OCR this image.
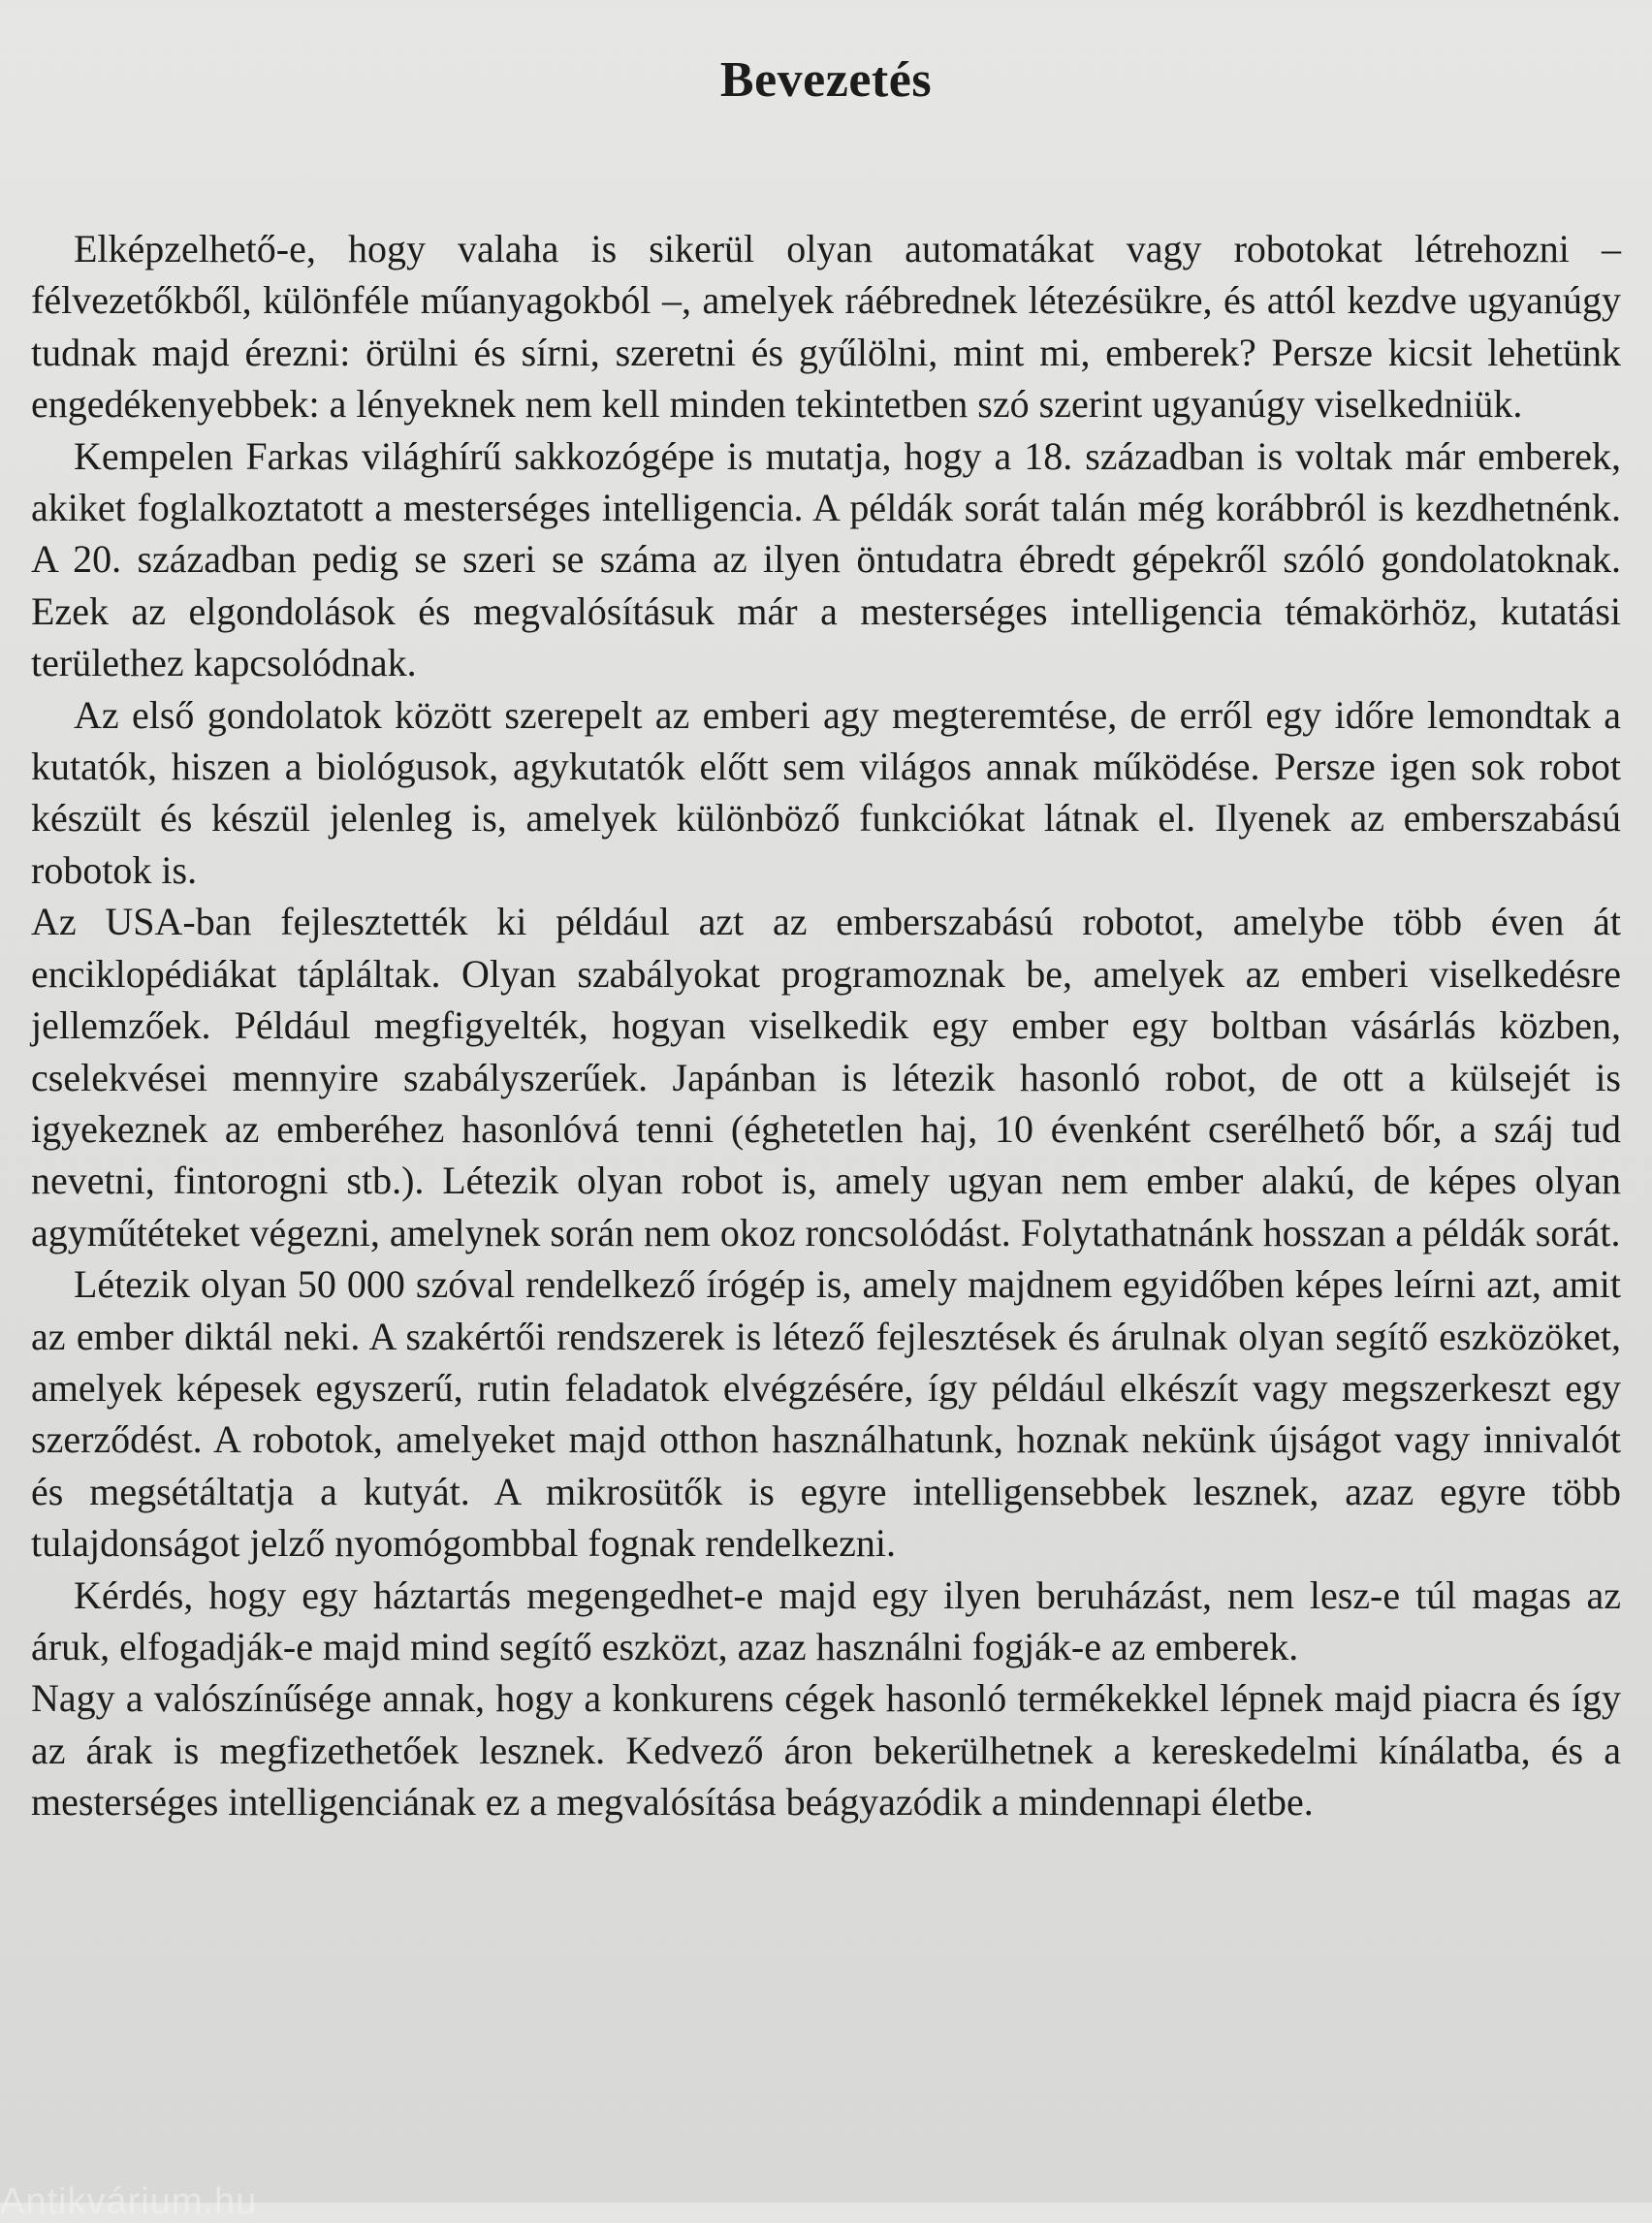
Bevezetés

Elképzelhető-e, hogy valaha is sikerül olyan automatákat vagy robotokat létrehozni – félvezetőkből, különféle műanyagokból –, amelyek ráébrednek létezésükre, és attól kezdve ugyanúgy tudnak majd érezni: örülni és sírni, szeretni és gyűlölni, mint mi, emberek? Persze kicsit lehetünk engedékenyebbek: a lényeknek nem kell minden tekintetben szó szerint ugyanúgy viselkedniük.

Kempelen Farkas világhírű sakkozógépe is mutatja, hogy a 18. században is voltak már emberek, akiket foglalkoztatott a mesterséges intelligencia. A példák sorát talán még korábbról is kezdhetnénk. A 20. században pedig se szeri se száma az ilyen öntudatra ébredt gépekről szóló gondolatoknak. Ezek az elgondolások és megvalósításuk már a mesterséges intelligencia témakörhöz, kutatási területhez kapcsolódnak.

Az első gondolatok között szerepelt az emberi agy megteremtése, de erről egy időre lemondtak a kutatók, hiszen a biológusok, agykutatók előtt sem világos annak működése. Persze igen sok robot készült és készül jelenleg is, amelyek különböző funkciókat látnak el. Ilyenek az emberszabású robotok is.

Az USA-ban fejlesztették ki például azt az emberszabású robotot, amelybe több éven át enciklopédiákat tápláltak. Olyan szabályokat programoznak be, amelyek az emberi viselkedésre jellemzőek. Például megfigyelték, hogyan viselkedik egy ember egy boltban vásárlás közben, cselekvései mennyire szabályszerűek. Japánban is létezik hasonló robot, de ott a külsejét is igyekeznek az emberéhez hasonlóvá tenni (éghetetlen haj, 10 évenként cserélhető bőr, a száj tud nevetni, fintorogni stb.). Létezik olyan robot is, amely ugyan nem ember alakú, de képes olyan agyműtéteket végezni, amelynek során nem okoz roncsolódást. Folytathatnánk hosszan a példák sorát.

Létezik olyan 50 000 szóval rendelkező írógép is, amely majdnem egyidőben képes leírni azt, amit az ember diktál neki. A szakértői rendszerek is létező fejlesztések és árulnak olyan segítő eszközöket, amelyek képesek egyszerű, rutin feladatok elvégzésére, így például elkészít vagy megszerkeszt egy szerződést. A robotok, amelyeket majd otthon használhatunk, hoznak nekünk újságot vagy innivalót és megsétáltatja a kutyát. A mikrosütők is egyre intelligensebbek lesznek, azaz egyre több tulajdonságot jelző nyomógombbal fognak rendelkezni.

Kérdés, hogy egy háztartás megengedhet-e majd egy ilyen beruházást, nem lesz-e túl magas az áruk, elfogadják-e majd mind segítő eszközt, azaz használni fogják-e az emberek.

Nagy a valószínűsége annak, hogy a konkurens cégek hasonló termékekkel lépnek majd piacra és így az árak is megfizethetőek lesznek. Kedvező áron bekerülhetnek a kereskedelmi kínálatba, és a mesterséges intelligenciának ez a megvalósítása beágyazódik a mindennapi életbe.

Antikvárium.hu
